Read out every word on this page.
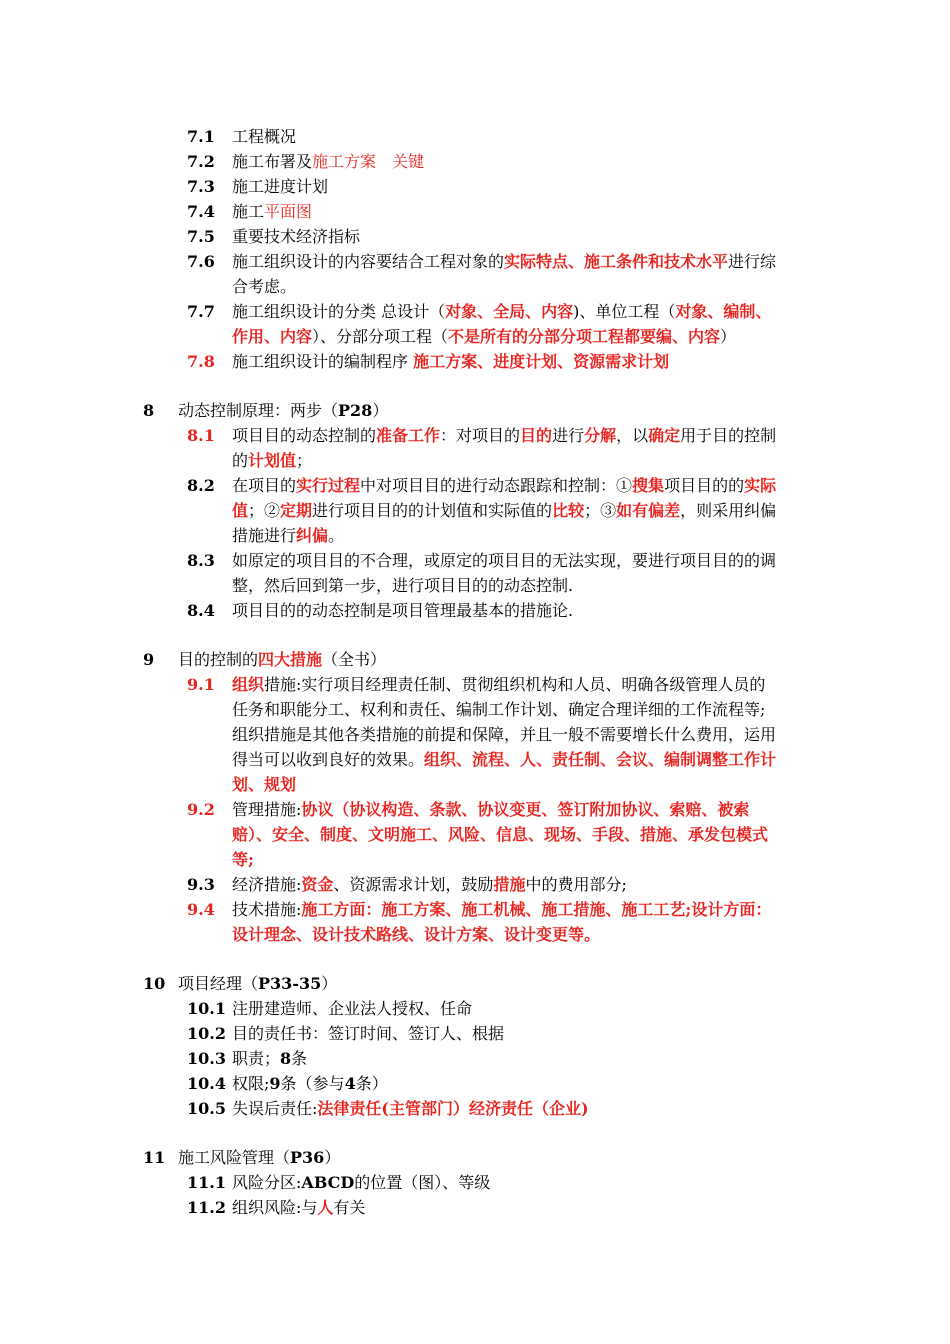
7.1 工程概况
7.2 施工布署及施工方案　关键
7.3 施工进度计划
7.4 施工平面图
7.5 重要技术经济指标
7.6 施工组织设计的内容要结合工程对象的实际特点、施工条件和技术水平进行综
合考虑。
7.7 施工组织设计的分类 总设计（对象、全局、内容)、单位工程（对象、编制、
作用、内容）、分部分项工程（不是所有的分部分项工程都要编、内容）
7.8 施工组织设计的编制程序 施工方案、进度计划、资源需求计划
8 动态控制原理：两步（P28）
8.1 项目目的动态控制的准备工作：对项目的目的进行分解，以确定用于目的控制
的计划值；
8.2 在项目的实行过程中对项目目的进行动态跟踪和控制：①搜集项目目的的实际
值；②定期进行项目目的的计划值和实际值的比较；③如有偏差，则采用纠偏
措施进行纠偏。
8.3 如原定的项目目的不合理，或原定的项目目的无法实现，要进行项目目的的调
整，然后回到第一步，进行项目目的的动态控制.
8.4 项目目的的动态控制是项目管理最基本的措施论.
9 目的控制的四大措施（全书）
9.1 组织措施:实行项目经理责任制、贯彻组织机构和人员、明确各级管理人员的
任务和职能分工、权利和责任、编制工作计划、确定合理详细的工作流程等;
组织措施是其他各类措施的前提和保障，并且一般不需要增长什么费用，运用
得当可以收到良好的效果。组织、流程、人、责任制、会议、编制调整工作计
划、规划
9.2 管理措施:协议（协议构造、条款、协议变更、签订附加协议、索赔、被索
赔）、安全、制度、文明施工、风险、信息、现场、手段、措施、承发包模式
等;
9.3 经济措施:资金、资源需求计划，鼓励措施中的费用部分;
9.4 技术措施:施工方面：施工方案、施工机械、施工措施、施工工艺;设计方面：
设计理念、设计技术路线、设计方案、设计变更等。
10 项目经理（P33-35）
10.1 注册建造师、企业法人授权、任命
10.2 目的责任书：签订时间、签订人、根据
10.3 职责；8条
10.4 权限;9条（参与4条）
10.5 失误后责任:法律责任(主管部门）经济责任（企业)
11 施工风险管理（P36）
11.1 风险分区:ABCD的位置（图）、等级
11.2 组织风险:与人有关
